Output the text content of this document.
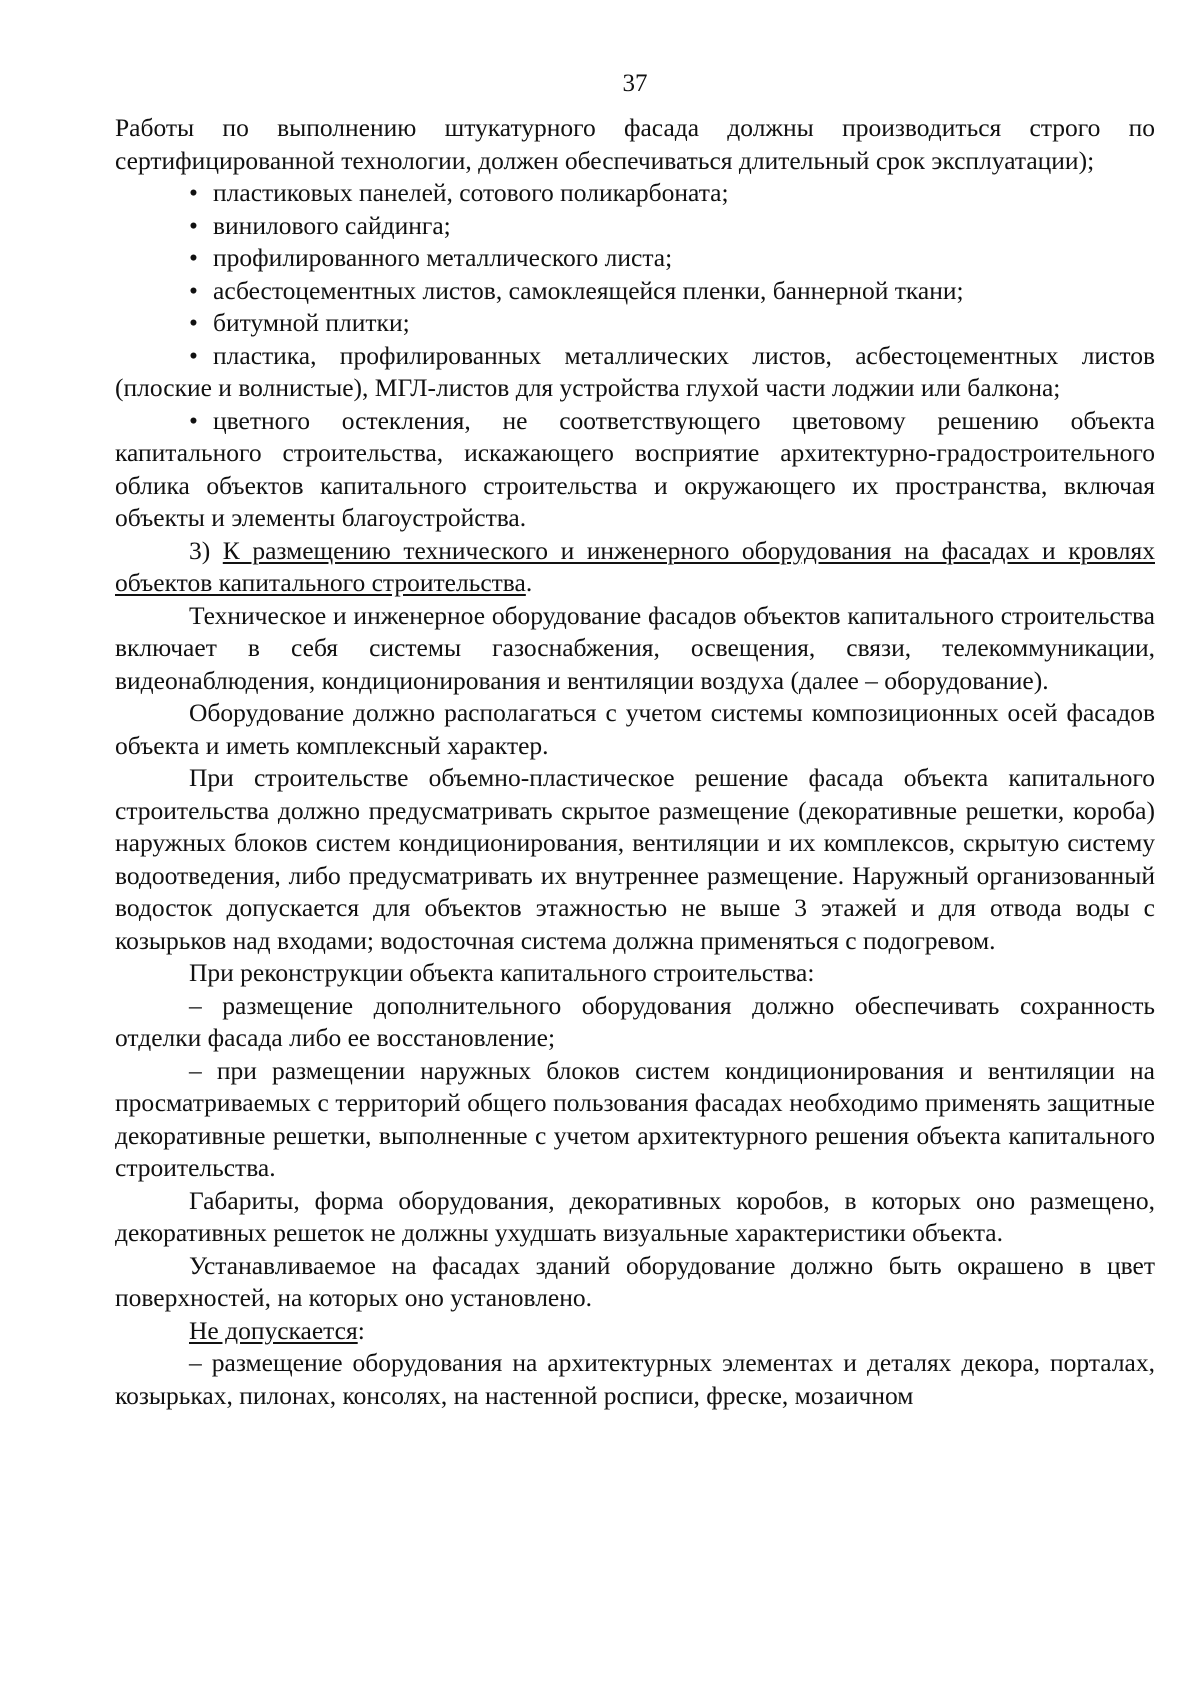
37

Работы по выполнению штукатурного фасада должны производиться строго по сертифицированной технологии, должен обеспечиваться длительный срок эксплуатации);

• пластиковых панелей, сотового поликарбоната;

• винилового сайдинга;

• профилированного металлического листа;

• асбестоцементных листов, самоклеящейся пленки, баннерной ткани;

• битумной плитки;

• пластика, профилированных металлических листов, асбестоцементных листов (плоские и волнистые), МГЛ-листов для устройства глухой части лоджии или балкона;

• цветного остекления, не соответствующего цветовому решению объекта капитального строительства, искажающего восприятие архитектурно-градостроительного облика объектов капитального строительства и окружающего их пространства, включая объекты и элементы благоустройства.

3) К размещению технического и инженерного оборудования на фасадах и кровлях объектов капитального строительства.

Техническое и инженерное оборудование фасадов объектов капитального строительства включает в себя системы газоснабжения, освещения, связи, телекоммуникации, видеонаблюдения, кондиционирования и вентиляции воздуха (далее – оборудование).

Оборудование должно располагаться с учетом системы композиционных осей фасадов объекта и иметь комплексный характер.

При строительстве объемно-пластическое решение фасада объекта капитального строительства должно предусматривать скрытое размещение (декоративные решетки, короба) наружных блоков систем кондиционирования, вентиляции и их комплексов, скрытую систему водоотведения, либо предусматривать их внутреннее размещение. Наружный организованный водосток допускается для объектов этажностью не выше 3 этажей и для отвода воды с козырьков над входами; водосточная система должна применяться с подогревом.

При реконструкции объекта капитального строительства:

– размещение дополнительного оборудования должно обеспечивать сохранность отделки фасада либо ее восстановление;

– при размещении наружных блоков систем кондиционирования и вентиляции на просматриваемых с территорий общего пользования фасадах необходимо применять защитные декоративные решетки, выполненные с учетом архитектурного решения объекта капитального строительства.

Габариты, форма оборудования, декоративных коробов, в которых оно размещено, декоративных решеток не должны ухудшать визуальные характеристики объекта.

Устанавливаемое на фасадах зданий оборудование должно быть окрашено в цвет поверхностей, на которых оно установлено.

Не допускается:

– размещение оборудования на архитектурных элементах и деталях декора, порталах, козырьках, пилонах, консолях, на настенной росписи, фреске, мозаичном
